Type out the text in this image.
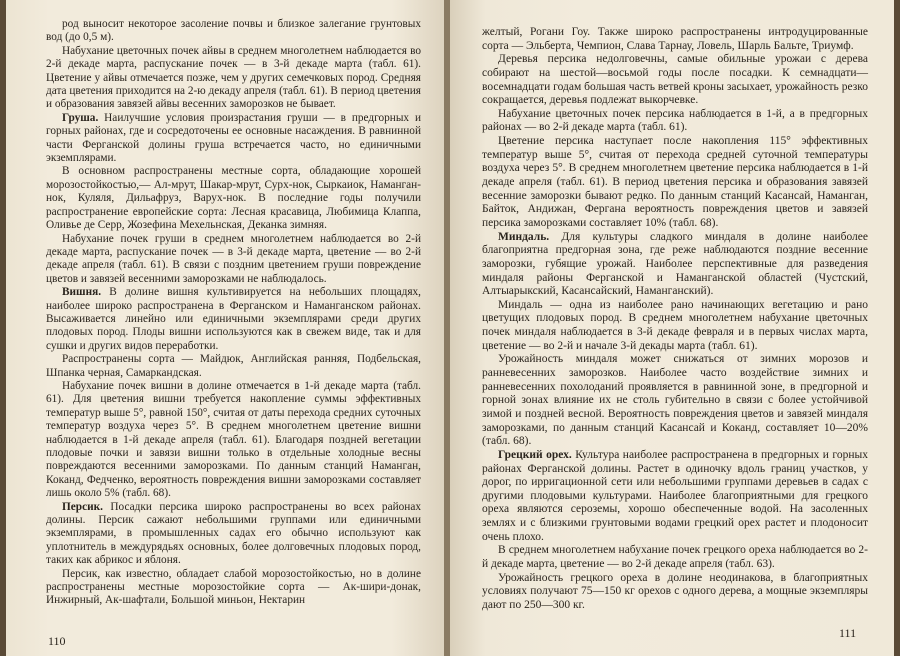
род выносит некоторое засоление почвы и близкое залегание грунтовых вод (до 0,5 м).

Набухание цветочных почек айвы в среднем многолетнем наблюдается во 2-й декаде марта, распускание почек — в 3-й декаде марта (табл. 61). Цветение у айвы отмечается позже, чем у других семечковых пород. Средняя дата цветения приходится на 2-ю декаду апреля (табл. 61). В период цветения и образования завязей айвы весенних заморозков не бывает.

Груша. Наилучшие условия произрастания груши — в предгорных и горных районах, где и сосредоточены ее основные насаждения. В равнинной части Ферганской долины груша встречается часто, но единичными экземплярами.

В основном распространены местные сорта, обладающие хорошей морозостойкостью,— Ал-мрут, Шакар-мрут, Сурх-нок, Сыркаиок, Наманган-нок, Куляля, Дильафруз, Варух-нок. В последние годы получили распространение европейские сорта: Лесная красавица, Любимица Клаппа, Оливье де Серр, Жозефина Мехельнская, Деканка зимняя.

Набухание почек груши в среднем многолетнем наблюдается во 2-й декаде марта, распускание почек — в 3-й декаде марта, цветение — во 2-й декаде апреля (табл. 61). В связи с поздним цветением груши повреждение цветов и завязей весенними заморозками не наблюдалось.

Вишня. В долине вишня культивируется на небольших площадях, наиболее широко распространена в Ферганском и Наманганском районах. Высаживается линейно или единичными экземплярами среди других плодовых пород. Плоды вишни используются как в свежем виде, так и для сушки и других видов переработки.

Распространены сорта — Майдюк, Английская ранняя, Подбельская, Шпанка черная, Самаркандская.

Набухание почек вишни в долине отмечается в 1-й декаде марта (табл. 61). Для цветения вишни требуется накопление суммы эффективных температур выше 5°, равной 150°, считая от даты перехода средних суточных температур воздуха через 5°. В среднем многолетнем цветение вишни наблюдается в 1-й декаде апреля (табл. 61). Благодаря поздней вегетации плодовые почки и завязи вишни только в отдельные холодные весны повреждаются весенними заморозками. По данным станций Наманган, Коканд, Федченко, вероятность повреждения вишни заморозками составляет лишь около 5% (табл. 68).

Персик. Посадки персика широко распространены во всех районах долины. Персик сажают небольшими группами или единичными экземплярами, в промышленных садах его обычно используют как уплотнитель в междурядьях основных, более долговечных плодовых пород, таких как абрикос и яблоня.

Персик, как известно, обладает слабой морозостойкостью, но в долине распространены местные морозостойкие сорта — Ак-шири-донак, Инжирный, Ак-шафтали, Большой миньон, Нектарин

110

желтый, Рогани Гоу. Также широко распространены интродуцированные сорта — Эльберта, Чемпион, Слава Тарнау, Ловель, Шарль Бальте, Триумф.

Деревья персика недолговечны, самые обильные урожаи с дерева собирают на шестой—восьмой годы после посадки. К семнадцати—восемнадцати годам большая часть ветвей кроны засыхает, урожайность резко сокращается, деревья подлежат выкорчевке.

Набухание цветочных почек персика наблюдается в 1-й, а в предгорных районах — во 2-й декаде марта (табл. 61).

Цветение персика наступает после накопления 115° эффективных температур выше 5°, считая от перехода средней суточной температуры воздуха через 5°. В среднем многолетнем цветение персика наблюдается в 1-й декаде апреля (табл. 61). В период цветения персика и образования завязей весенние заморозки бывают редко. По данным станций Касансай, Наманган, Байток, Андижан, Фергана вероятность повреждения цветов и завязей персика заморозками составляет 10% (табл. 68).

Миндаль. Для культуры сладкого миндаля в долине наиболее благоприятна предгорная зона, где реже наблюдаются поздние весенние заморозки, губящие урожай. Наиболее перспективные для разведения миндаля районы Ферганской и Наманганской областей (Чустский, Алтыарыкский, Касансайский, Наманганский).

Миндаль — одна из наиболее рано начинающих вегетацию и рано цветущих плодовых пород. В среднем многолетнем набухание цветочных почек миндаля наблюдается в 3-й декаде февраля и в первых числах марта, цветение — во 2-й и начале 3-й декады марта (табл. 61).

Урожайность миндаля может снижаться от зимних морозов и ранневесенних заморозков. Наиболее часто воздействие зимних и ранневесенних похолоданий проявляется в равнинной зоне, в предгорной и горной зонах влияние их не столь губительно в связи с более устойчивой зимой и поздней весной. Вероятность повреждения цветов и завязей миндаля заморозками, по данным станций Касансай и Коканд, составляет 10—20% (табл. 68).

Грецкий орех. Культура наиболее распространена в предгорных и горных районах Ферганской долины. Растет в одиночку вдоль границ участков, у дорог, по ирригационной сети или небольшими группами деревьев в садах с другими плодовыми культурами. Наиболее благоприятными для грецкого ореха являются сероземы, хорошо обеспеченные водой. На засоленных землях и с близкими грунтовыми водами грецкий орех растет и плодоносит очень плохо.

В среднем многолетнем набухание почек грецкого ореха наблюдается во 2-й декаде марта, цветение — во 2-й декаде апреля (табл. 63).

Урожайность грецкого ореха в долине неодинакова, в благоприятных условиях получают 75—150 кг орехов с одного дерева, а мощные экземпляры дают по 250—300 кг.

111
